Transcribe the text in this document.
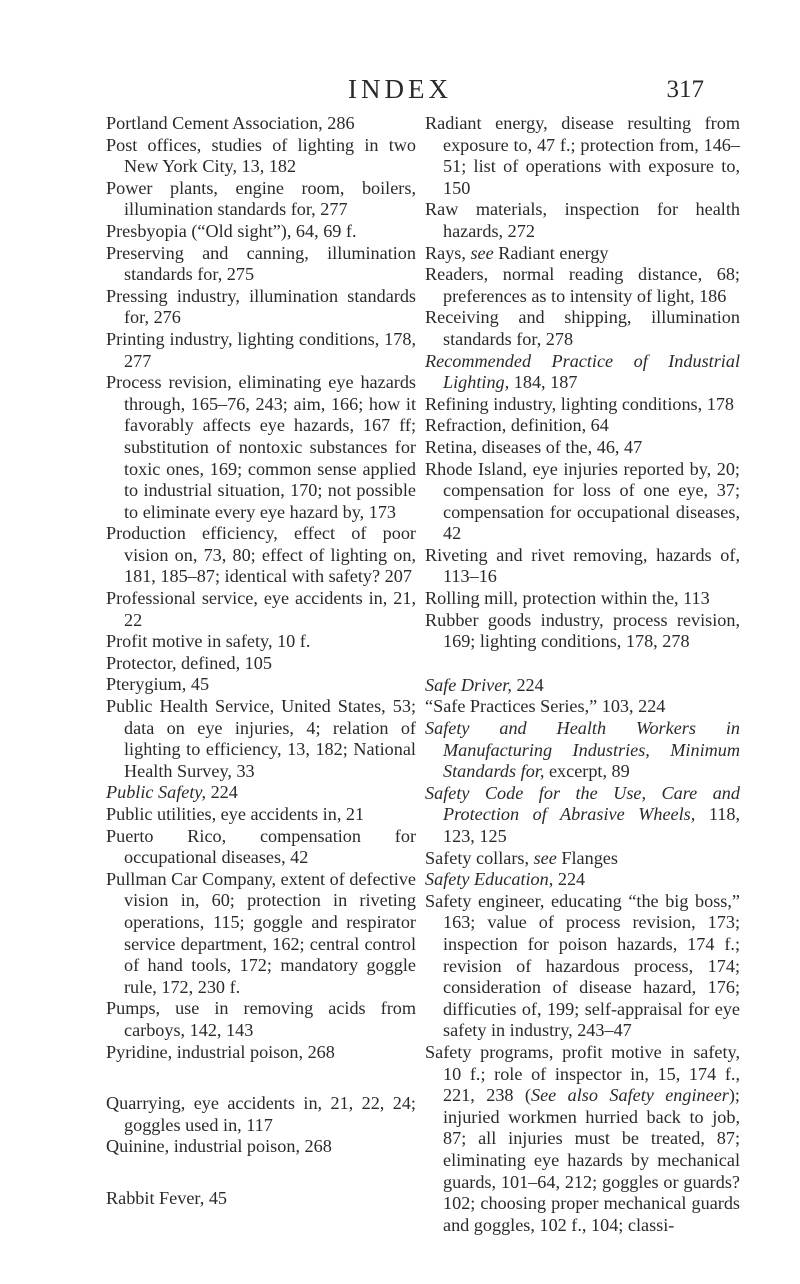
INDEX	317

Portland Cement Association, 286

Post offices, studies of lighting in two New York City, 13, 182

Power plants, engine room, boilers, illumination standards for, 277

Presbyopia (“Old sight”), 64, 69 f.

Preserving and canning, illumination standards for, 275

Pressing industry, illumination standards for, 276

Printing industry, lighting conditions, 178, 277

Process revision, eliminating eye hazards through, 165–76, 243; aim, 166; how it favorably affects eye hazards, 167 ff; substitution of nontoxic substances for toxic ones, 169; common sense applied to industrial situation, 170; not possible to eliminate every eye hazard by, 173

Production efficiency, effect of poor vision on, 73, 80; effect of lighting on, 181, 185–87; identical with safety? 207

Professional service, eye accidents in, 21, 22

Profit motive in safety, 10 f.

Protector, defined, 105

Pterygium, 45

Public Health Service, United States, 53; data on eye injuries, 4; relation of lighting to efficiency, 13, 182; National Health Survey, 33

Public Safety, 224

Public utilities, eye accidents in, 21

Puerto Rico, compensation for occupational diseases, 42

Pullman Car Company, extent of defective vision in, 60; protection in riveting operations, 115; goggle and respirator service department, 162; central control of hand tools, 172; mandatory goggle rule, 172, 230 f.

Pumps, use in removing acids from carboys, 142, 143

Pyridine, industrial poison, 268

Quarrying, eye accidents in, 21, 22, 24; goggles used in, 117

Quinine, industrial poison, 268

Rabbit Fever, 45

Radiant energy, disease resulting from exposure to, 47 f.; protection from, 146–51; list of operations with exposure to, 150

Raw materials, inspection for health hazards, 272

Rays, see Radiant energy

Readers, normal reading distance, 68; preferences as to intensity of light, 186

Receiving and shipping, illumination standards for, 278

Recommended Practice of Industrial Lighting, 184, 187

Refining industry, lighting conditions, 178

Refraction, definition, 64

Retina, diseases of the, 46, 47

Rhode Island, eye injuries reported by, 20; compensation for loss of one eye, 37; compensation for occupational diseases, 42

Riveting and rivet removing, hazards of, 113–16

Rolling mill, protection within the, 113

Rubber goods industry, process revision, 169; lighting conditions, 178, 278

Safe Driver, 224

“Safe Practices Series,” 103, 224

Safety and Health Workers in Manufacturing Industries, Minimum Standards for, excerpt, 89

Safety Code for the Use, Care and Protection of Abrasive Wheels, 118, 123, 125

Safety collars, see Flanges

Safety Education, 224

Safety engineer, educating “the big boss,” 163; value of process revision, 173; inspection for poison hazards, 174 f.; revision of hazardous process, 174; consideration of disease hazard, 176; difficuties of, 199; self-appraisal for eye safety in industry, 243–47

Safety programs, profit motive in safety, 10 f.; role of inspector in, 15, 174 f., 221, 238 (See also Safety engineer); injuried workmen hurried back to job, 87; all injuries must be treated, 87; eliminating eye hazards by mechanical guards, 101–64, 212; goggles or guards? 102; choosing proper mechanical guards and goggles, 102 f., 104; classi-
